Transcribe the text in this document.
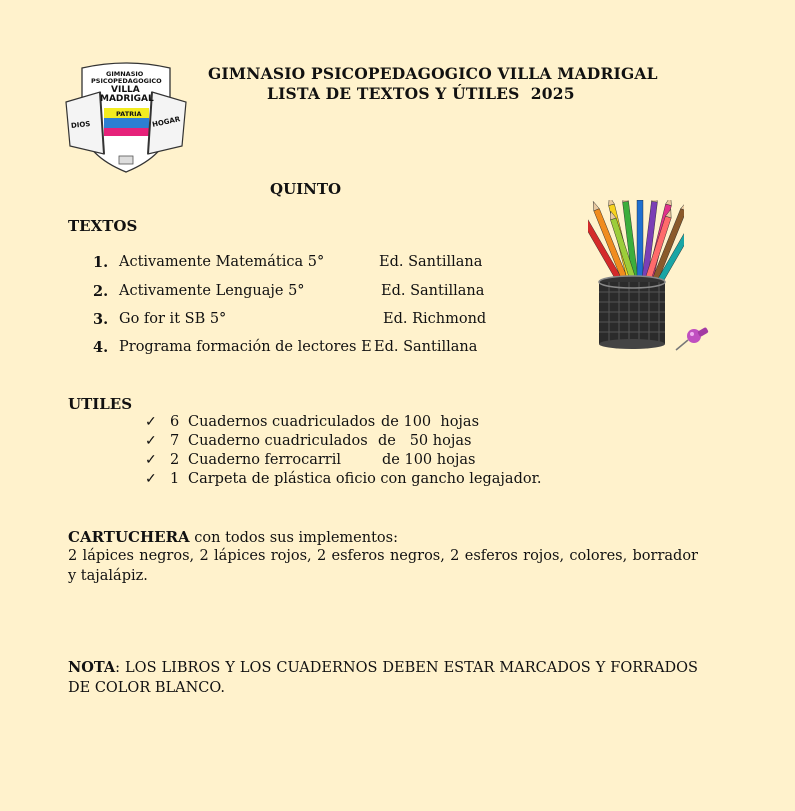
GIMNASIO
PSICOPEDAGOGICO
VILLA
MADRIGAL
PATRIA
DIOS	HOGAR
GIMNASIO PSICOPEDAGOGICO VILLA MADRIGAL
LISTA DE TEXTOS Y ÚTILES  2025
QUINTO
TEXTOS
1. Activamente Matemática 5°	Ed. Santillana
2. Activamente Lenguaje 5°	Ed. Santillana
3. Go for it SB 5°	Ed. Richmond
4. Programa formación de lectores E Ed. Santillana
UTILES
✓ 6 Cuadernos cuadriculados de 100  hojas
✓ 7 Cuaderno cuadriculados de   50 hojas
✓ 2 Cuaderno ferrocarril	de 100 hojas
✓ 1 Carpeta de plástica oficio con gancho legajador.
CARTUCHERA con todos sus implementos:
2 lápices negros, 2 lápices rojos, 2 esferos negros, 2 esferos rojos, colores, borrador y tajalápiz.
NOTA: LOS LIBROS Y LOS CUADERNOS DEBEN ESTAR MARCADOS Y FORRADOS DE COLOR BLANCO.
